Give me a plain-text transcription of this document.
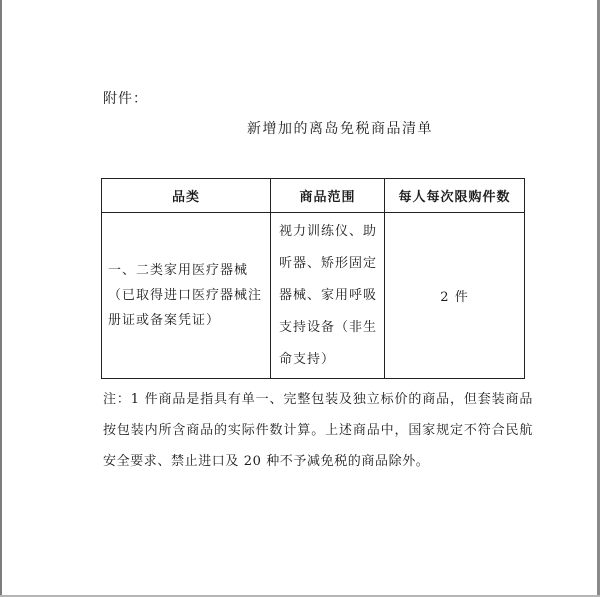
附件：
新增加的离岛免税商品清单
品类	商品范围	每人每次限购件数
一、二类家用医疗器械（已取得进口医疗器械注册证或备案凭证）	视力训练仪、助听器、矫形固定器械、家用呼吸支持设备（非生命支持）	2 件
注：1 件商品是指具有单一、完整包装及独立标价的商品，但套装商品按包装内所含商品的实际件数计算。上述商品中，国家规定不符合民航安全要求、禁止进口及 20 种不予减免税的商品除外。
